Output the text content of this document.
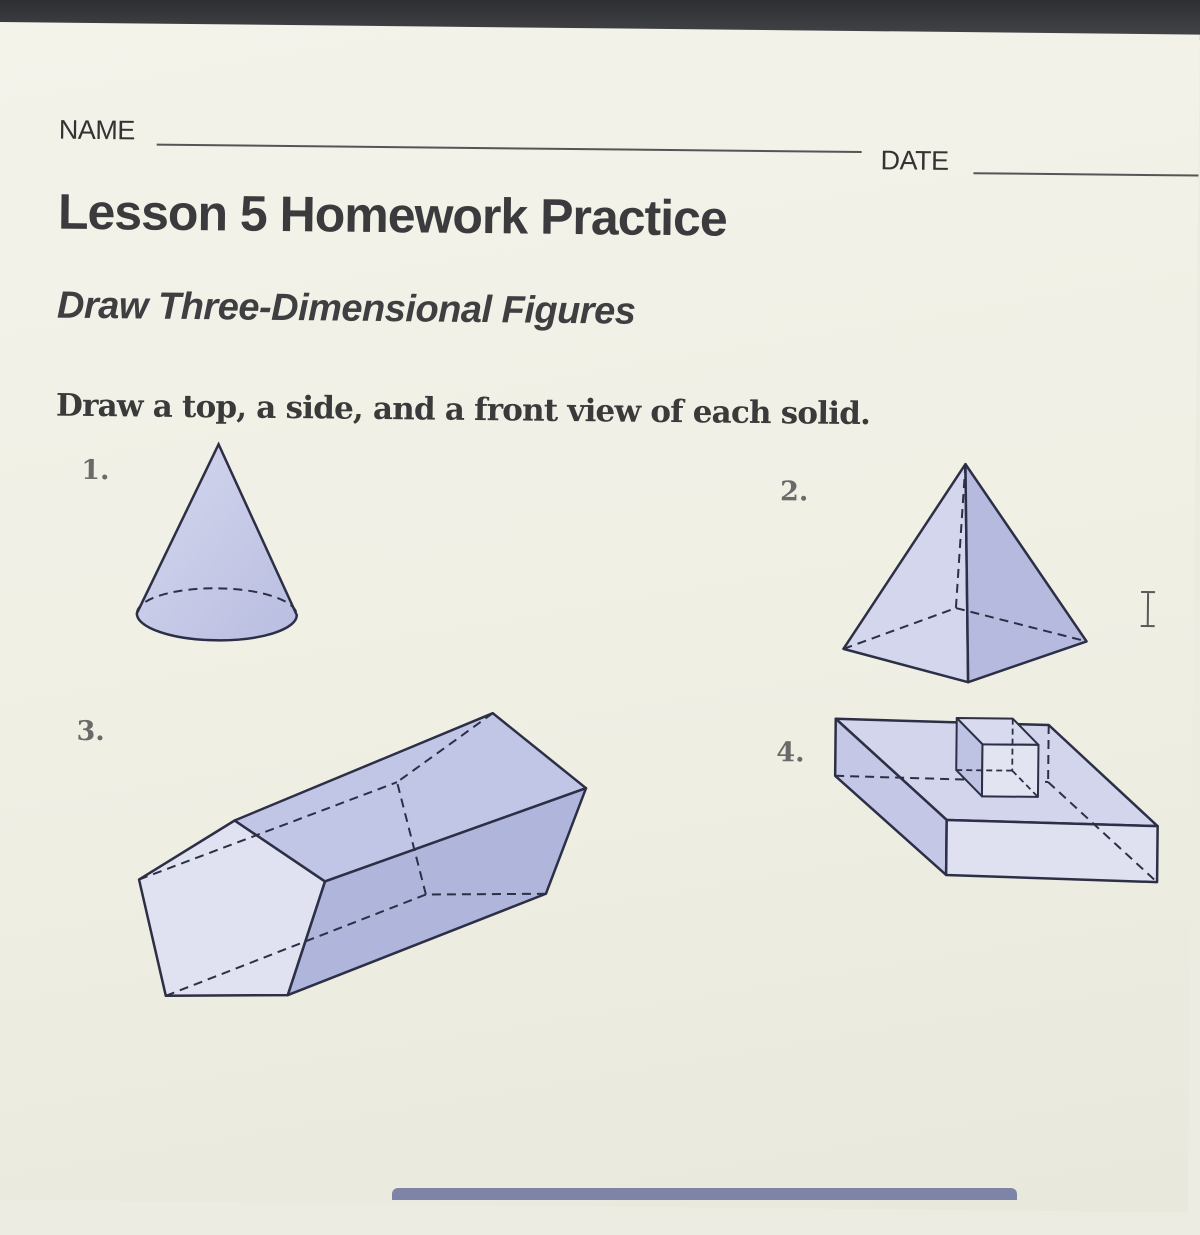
NAME
DATE
Lesson 5 Homework Practice
Draw Three-Dimensional Figures
Draw a top, a side, and a front view of each solid.
1.
2.
3.
4.
